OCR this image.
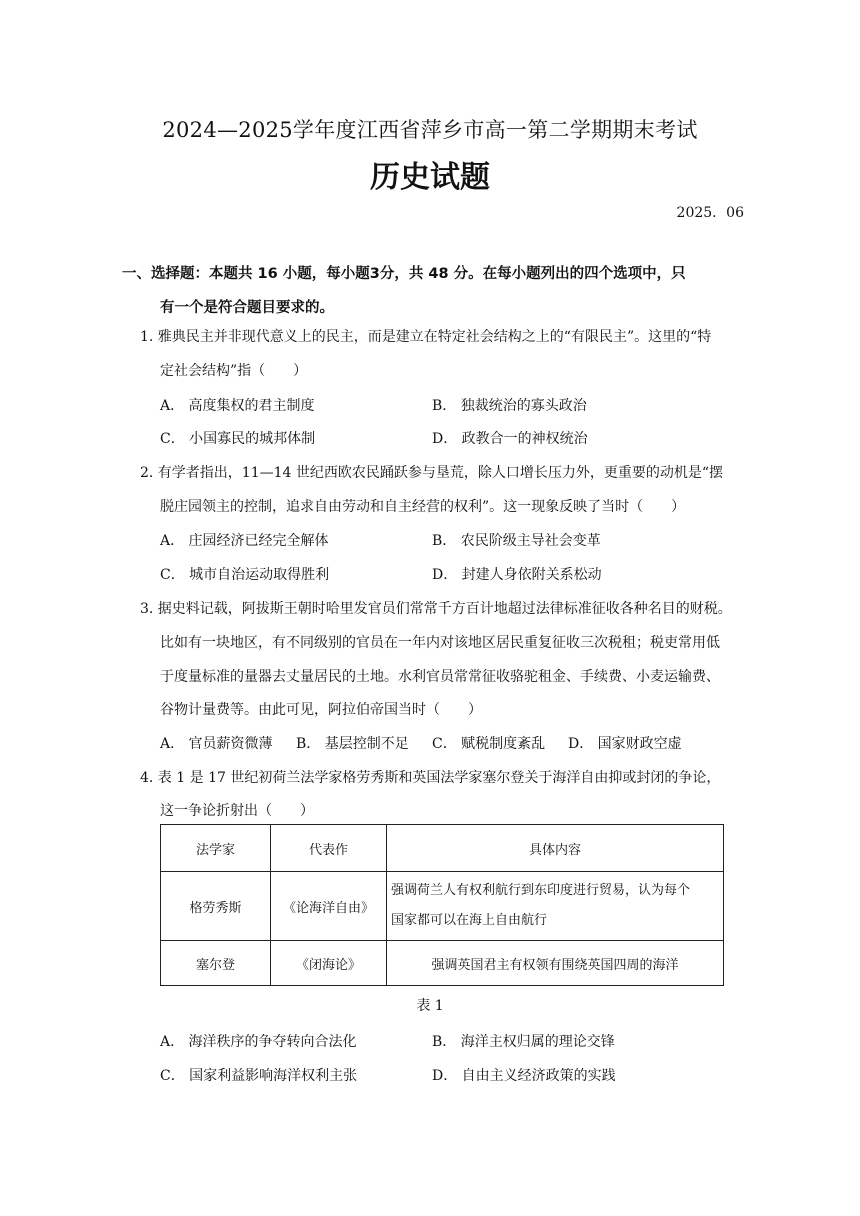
2024—2025学年度江西省萍乡市高一第二学期期末考试
历史试题
2025．06
一、选择题：本题共 16 小题，每小题3分，共 48 分。在每小题列出的四个选项中，只
有一个是符合题目要求的。
1. 雅典民主并非现代意义上的民主，而是建立在特定社会结构之上的“有限民主”。这里的“特
定社会结构”指（　　）
A． 高度集权的君主制度	B． 独裁统治的寡头政治
C． 小国寡民的城邦体制	D． 政教合一的神权统治
2. 有学者指出，11—14 世纪西欧农民踊跃参与垦荒，除人口增长压力外，更重要的动机是“摆
脱庄园领主的控制，追求自由劳动和自主经营的权利”。这一现象反映了当时（　　）
A． 庄园经济已经完全解体	B． 农民阶级主导社会变革
C． 城市自治运动取得胜利	D． 封建人身依附关系松动
3. 据史料记载，阿拔斯王朝时哈里发官员们常常千方百计地超过法律标准征收各种名目的财税。
比如有一块地区，有不同级别的官员在一年内对该地区居民重复征收三次税租；税吏常用低
于度量标准的量器去丈量居民的土地。水利官员常常征收骆驼租金、手续费、小麦运输费、
谷物计量费等。由此可见，阿拉伯帝国当时（　　）
A． 官员薪资微薄 B． 基层控制不足 C． 赋税制度紊乱 D． 国家财政空虚
4. 表 1 是 17 世纪初荷兰法学家格劳秀斯和英国法学家塞尔登关于海洋自由抑或封闭的争论，
这一争论折射出（　　）
法学家	代表作	具体内容
格劳秀斯	《论海洋自由》	强调荷兰人有权利航行到东印度进行贸易，认为每个
国家都可以在海上自由航行

塞尔登	《闭海论》	强调英国君主有权领有围绕英国四周的海洋
表 1
A． 海洋秩序的争夺转向合法化	B． 海洋主权归属的理论交锋
C． 国家利益影响海洋权利主张	D． 自由主义经济政策的实践
